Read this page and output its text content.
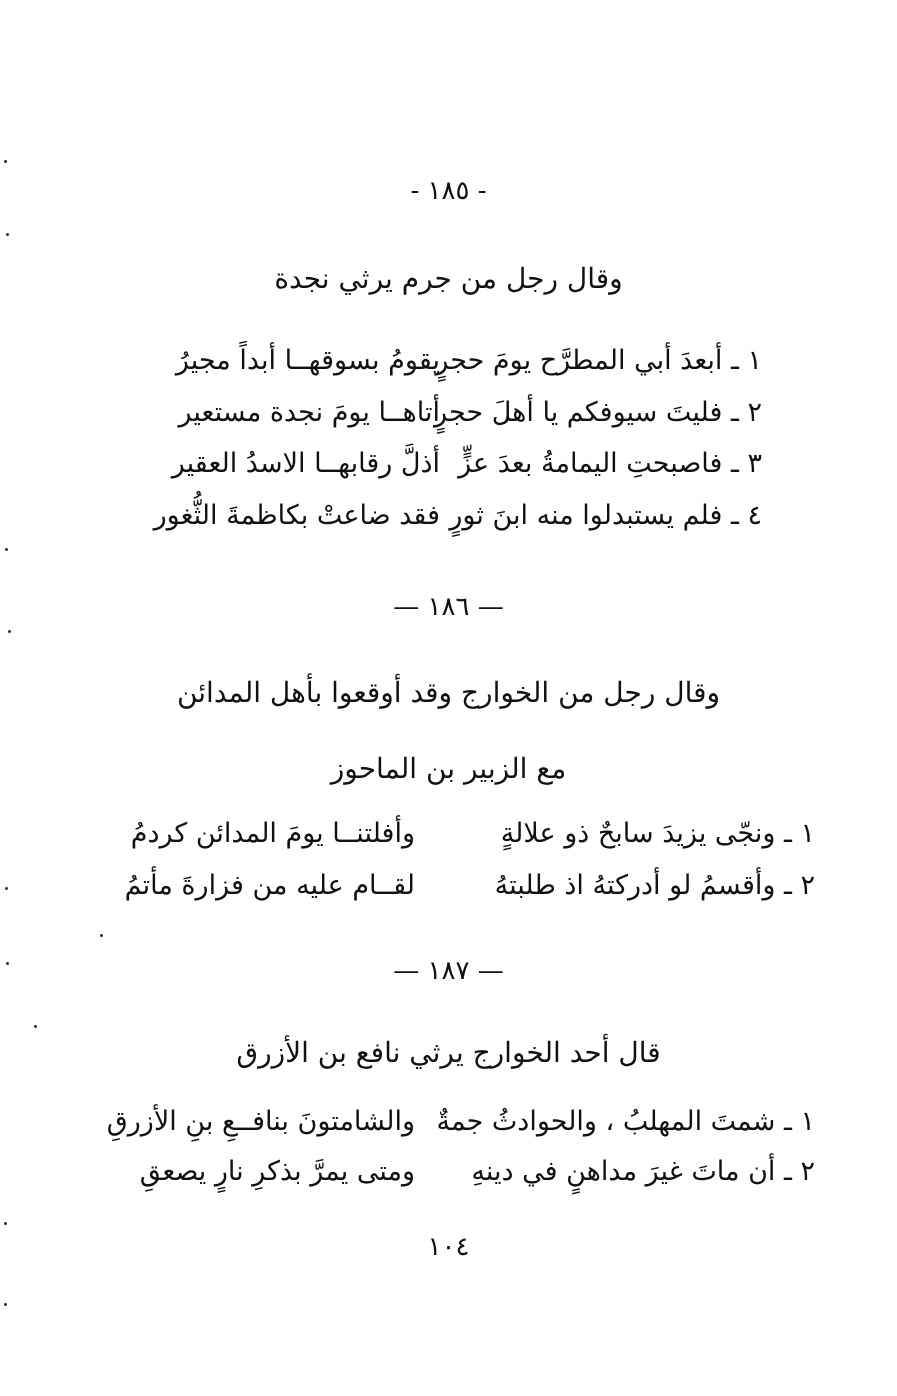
- ١٨٥ -
وقال رجل من جرم يرثي نجدة
١ ـ أبعدَ أبي المطرَّح يومَ حجرٍ
يقومُ بسوقهــا أبداً مجيرُ
٢ ـ فليتَ سيوفكم يا أهلَ حجرٍ
أتاهــا يومَ نجدة مستعير
٣ ـ فاصبحتِ اليمامةُ بعدَ عزٍّ
أذلَّ رقابهــا الاسدُ العقير
٤ ـ فلم يستبدلوا منه ابنَ ثورٍ
فقد ضاعتْ بكاظمةَ الثُّغور
— ١٨٦ —
وقال رجل من الخوارج وقد أوقعوا بأهل المدائن
مع الزبير بن الماحوز
١ ـ ونجّى يزيدَ سابحٌ ذو علالةٍ
وأفلتنــا يومَ المدائن كردمُ
٢ ـ وأقسمُ لو أدركتهُ اذ طلبتهُ
لقــام عليه من فزارةَ مأتمُ
— ١٨٧ —
قال أحد الخوارج يرثي نافع بن الأزرق
١ ـ شمتَ المهلبُ ، والحوادثُ جمةٌ
والشامتونَ بنافــعِ بنِ الأزرقِ
٢ ـ أن ماتَ غيرَ مداهنٍ في دينهِ
ومتى يمرَّ بذكرِ نارٍ يصعقِ
١٠٤
